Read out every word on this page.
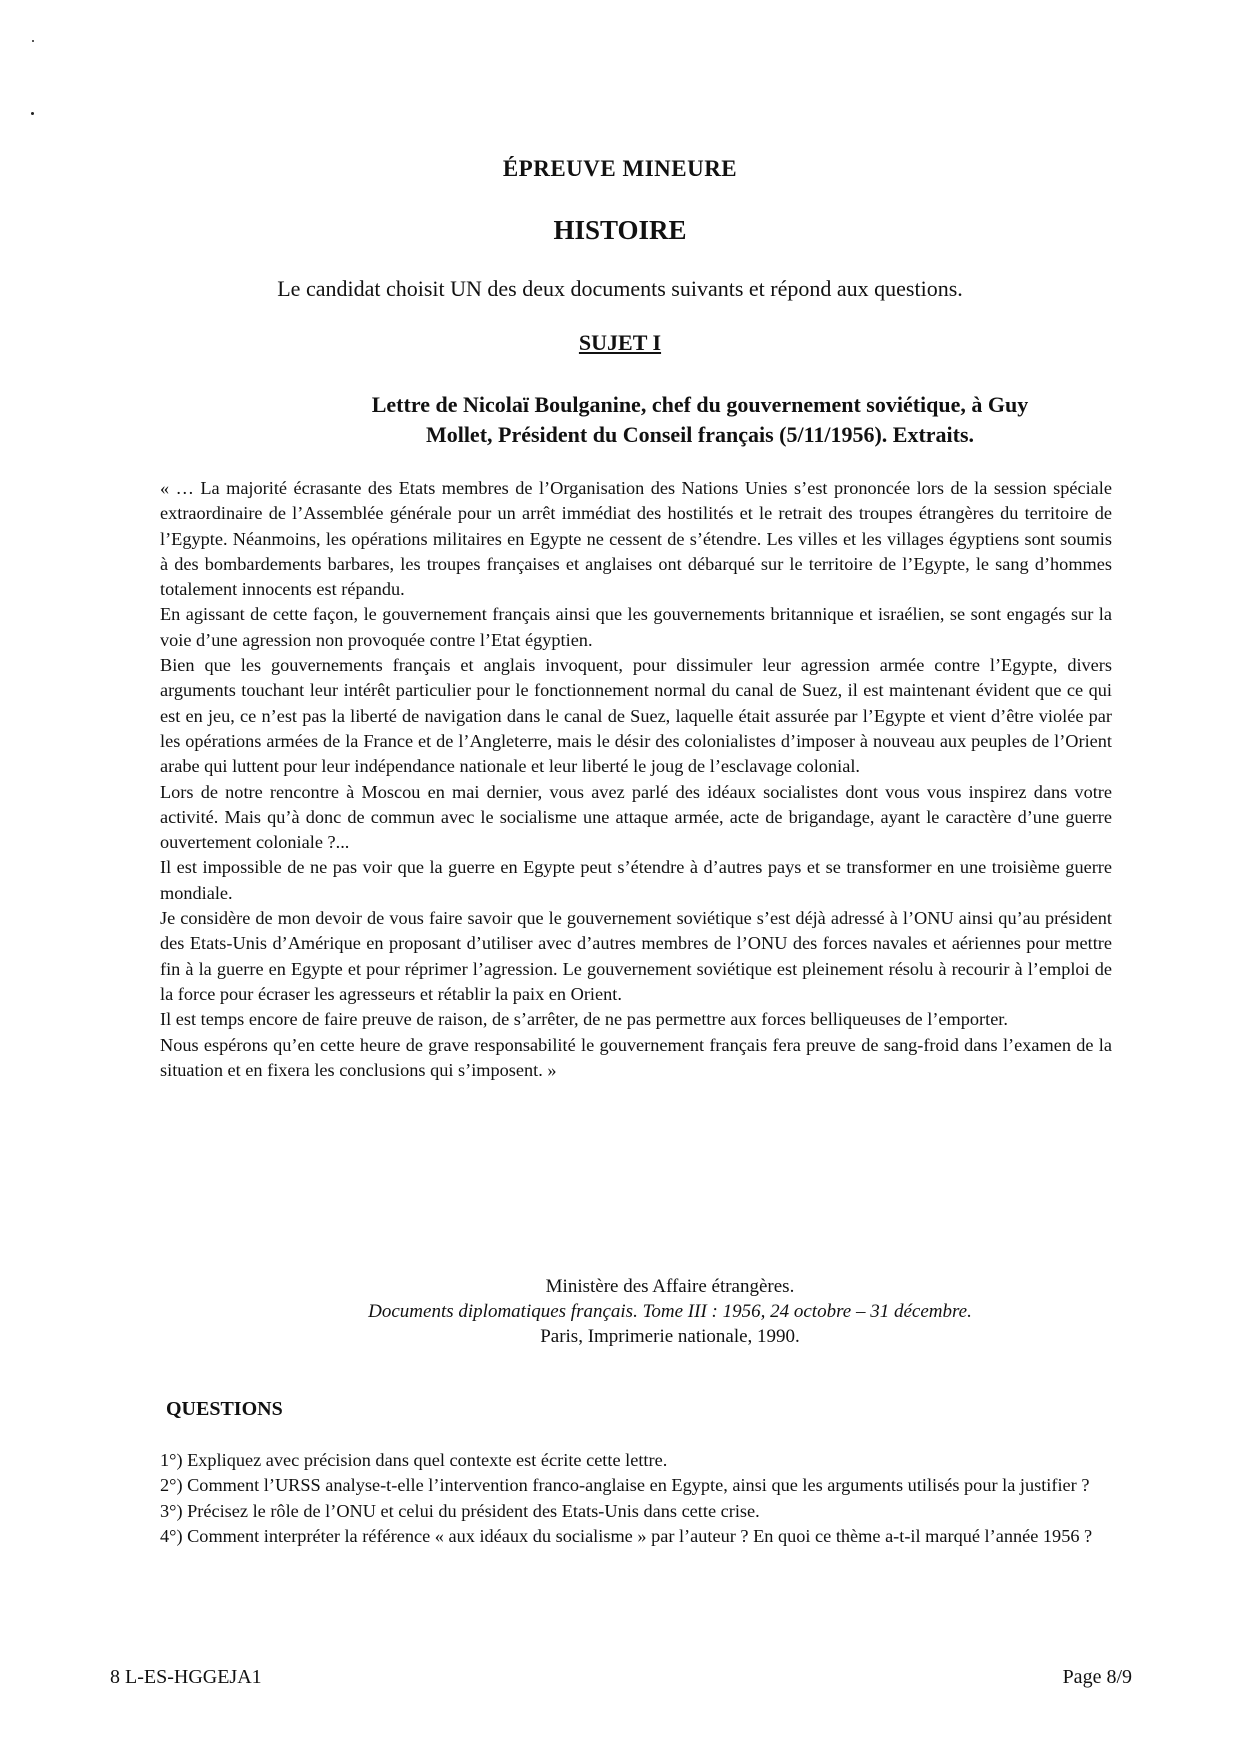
ÉPREUVE MINEURE
HISTOIRE
Le candidat choisit UN des deux documents suivants et répond aux questions.
SUJET I
Lettre de Nicolaï Boulganine, chef du gouvernement soviétique, à Guy
Mollet, Président du Conseil français (5/11/1956). Extraits.

« … La majorité écrasante des Etats membres de l’Organisation des Nations Unies s’est prononcée lors de la session spéciale extraordinaire de l’Assemblée générale pour un arrêt immédiat des hostilités et le retrait des troupes étrangères du territoire de l’Egypte. Néanmoins, les opérations militaires en Egypte ne cessent de s’étendre. Les villes et les villages égyptiens sont soumis à des bombardements barbares, les troupes françaises et anglaises ont débarqué sur le territoire de l’Egypte, le sang d’hommes totalement innocents est répandu.

En agissant de cette façon, le gouvernement français ainsi que les gouvernements britannique et israélien, se sont engagés sur la voie d’une agression non provoquée contre l’Etat égyptien.

Bien que les gouvernements français et anglais invoquent, pour dissimuler leur agression armée contre l’Egypte, divers arguments touchant leur intérêt particulier pour le fonctionnement normal du canal de Suez, il est maintenant évident que ce qui est en jeu, ce n’est pas la liberté de navigation dans le canal de Suez, laquelle était assurée par l’Egypte et vient d’être violée par les opérations armées de la France et de l’Angleterre, mais le désir des colonialistes d’imposer à nouveau aux peuples de l’Orient arabe qui luttent pour leur indépendance nationale et leur liberté le joug de l’esclavage colonial.

Lors de notre rencontre à Moscou en mai dernier, vous avez parlé des idéaux socialistes dont vous vous inspirez dans votre activité. Mais qu’à donc de commun avec le socialisme une attaque armée, acte de brigandage, ayant le caractère d’une guerre ouvertement coloniale ?...

Il est impossible de ne pas voir que la guerre en Egypte peut s’étendre à d’autres pays et se transformer en une troisième guerre mondiale.

Je considère de mon devoir de vous faire savoir que le gouvernement soviétique s’est déjà adressé à l’ONU ainsi qu’au président des Etats-Unis d’Amérique en proposant d’utiliser avec d’autres membres de l’ONU des forces navales et aériennes pour mettre fin à la guerre en Egypte et pour réprimer l’agression. Le gouvernement soviétique est pleinement résolu à recourir à l’emploi de la force pour écraser les agresseurs et rétablir la paix en Orient.

Il est temps encore de faire preuve de raison, de s’arrêter, de ne pas permettre aux forces belliqueuses de l’emporter.

Nous espérons qu’en cette heure de grave responsabilité le gouvernement français fera preuve de sang-froid dans l’examen de la situation et en fixera les conclusions qui s’imposent. »

Ministère des Affaire étrangères.
Documents diplomatiques français. Tome III : 1956, 24 octobre – 31 décembre.
Paris, Imprimerie nationale, 1990.
QUESTIONS

1°) Expliquez avec précision dans quel contexte est écrite cette lettre.

2°) Comment l’URSS analyse-t-elle l’intervention franco-anglaise en Egypte, ainsi que les arguments utilisés pour la justifier ?

3°) Précisez le rôle de l’ONU et celui du président des Etats-Unis dans cette crise.

4°) Comment interpréter la référence « aux idéaux du socialisme » par l’auteur ? En quoi ce thème a-t-il marqué l’année 1956 ?

8 L-ES-HGGEJA1	Page 8/9
